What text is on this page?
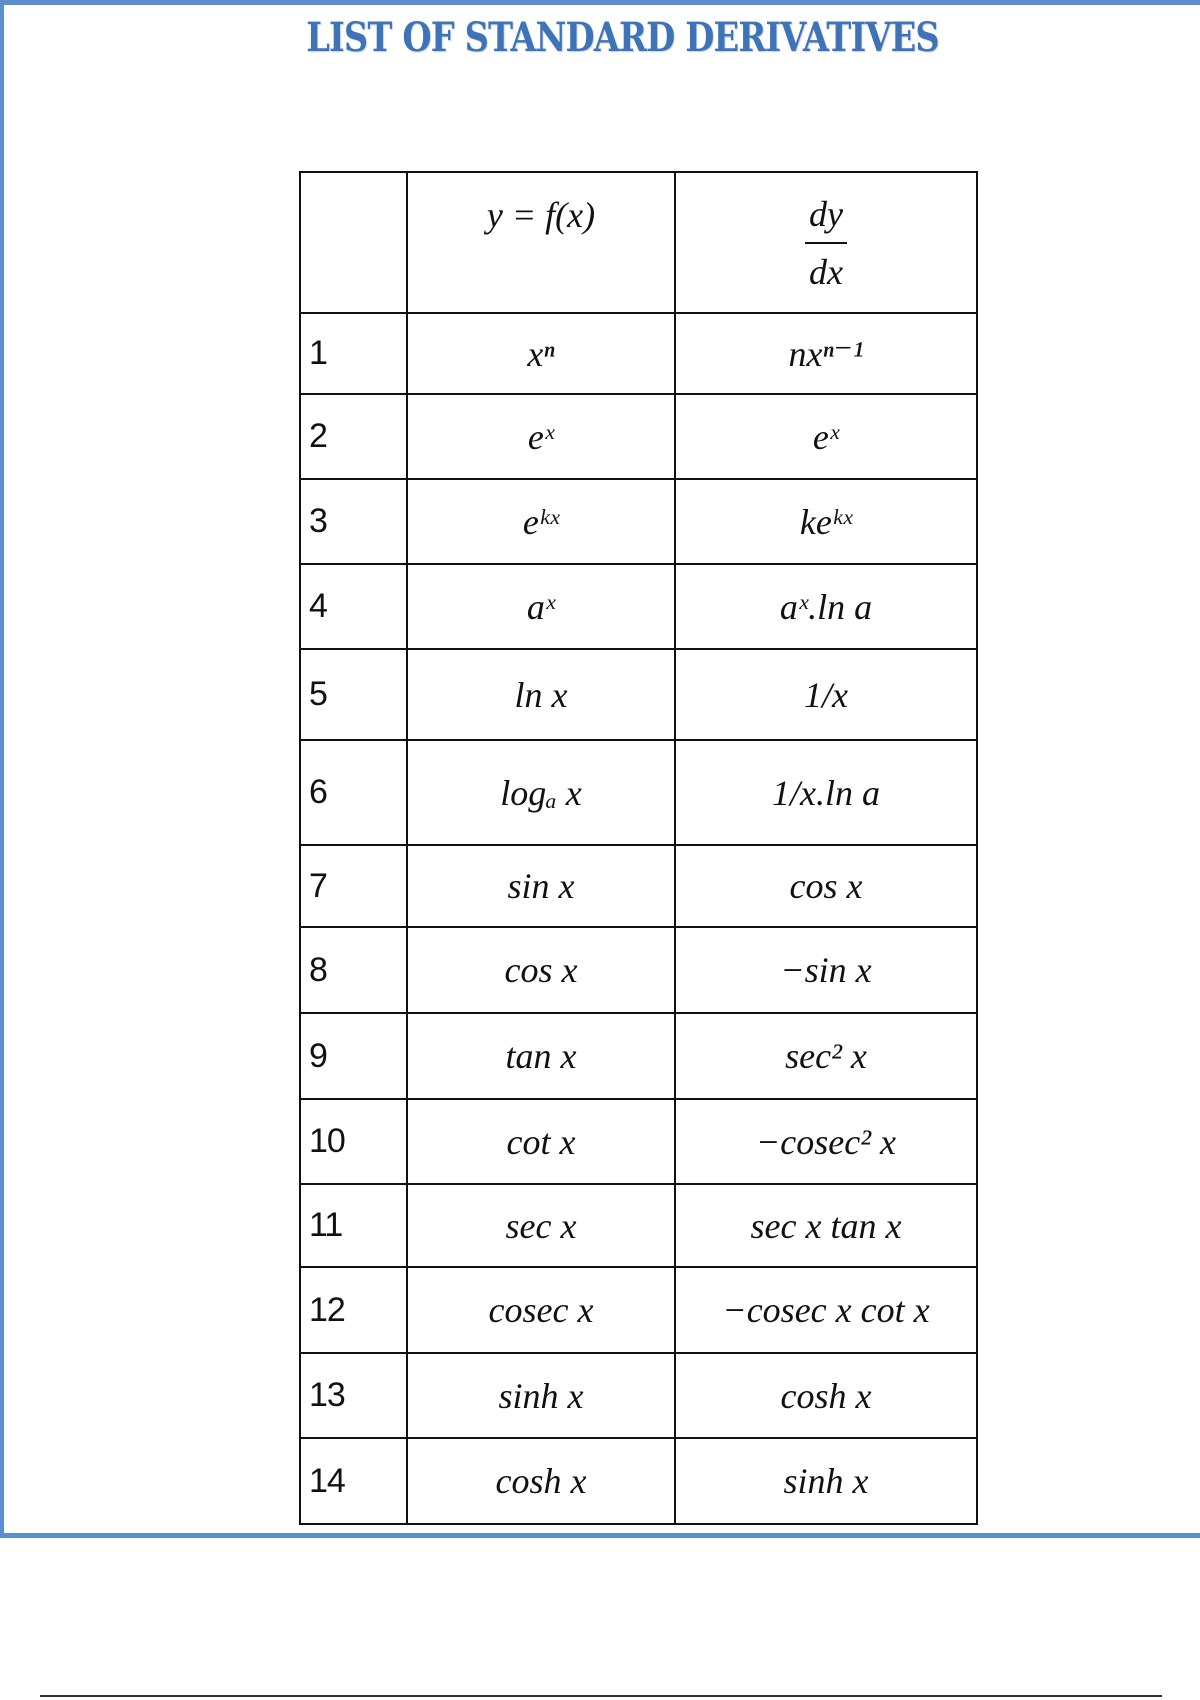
LIST OF STANDARD DERIVATIVES
	y = f(x)	$\frac{dy}{dx}$

1	xⁿ	nxⁿ⁻¹
2	eˣ	eˣ
3	eᵏˣ	keᵏˣ
4	aˣ	aˣ.ln a
5	ln x	1/x
6	logₐ x	1/x.ln a
7	sin x	cos x
8	cos x	−sin x
9	tan x	sec² x
10	cot x	−cosec² x
11	sec x	sec x tan x
12	cosec x	−cosec x cot x
13	sinh x	cosh x
14	cosh x	sinh x
